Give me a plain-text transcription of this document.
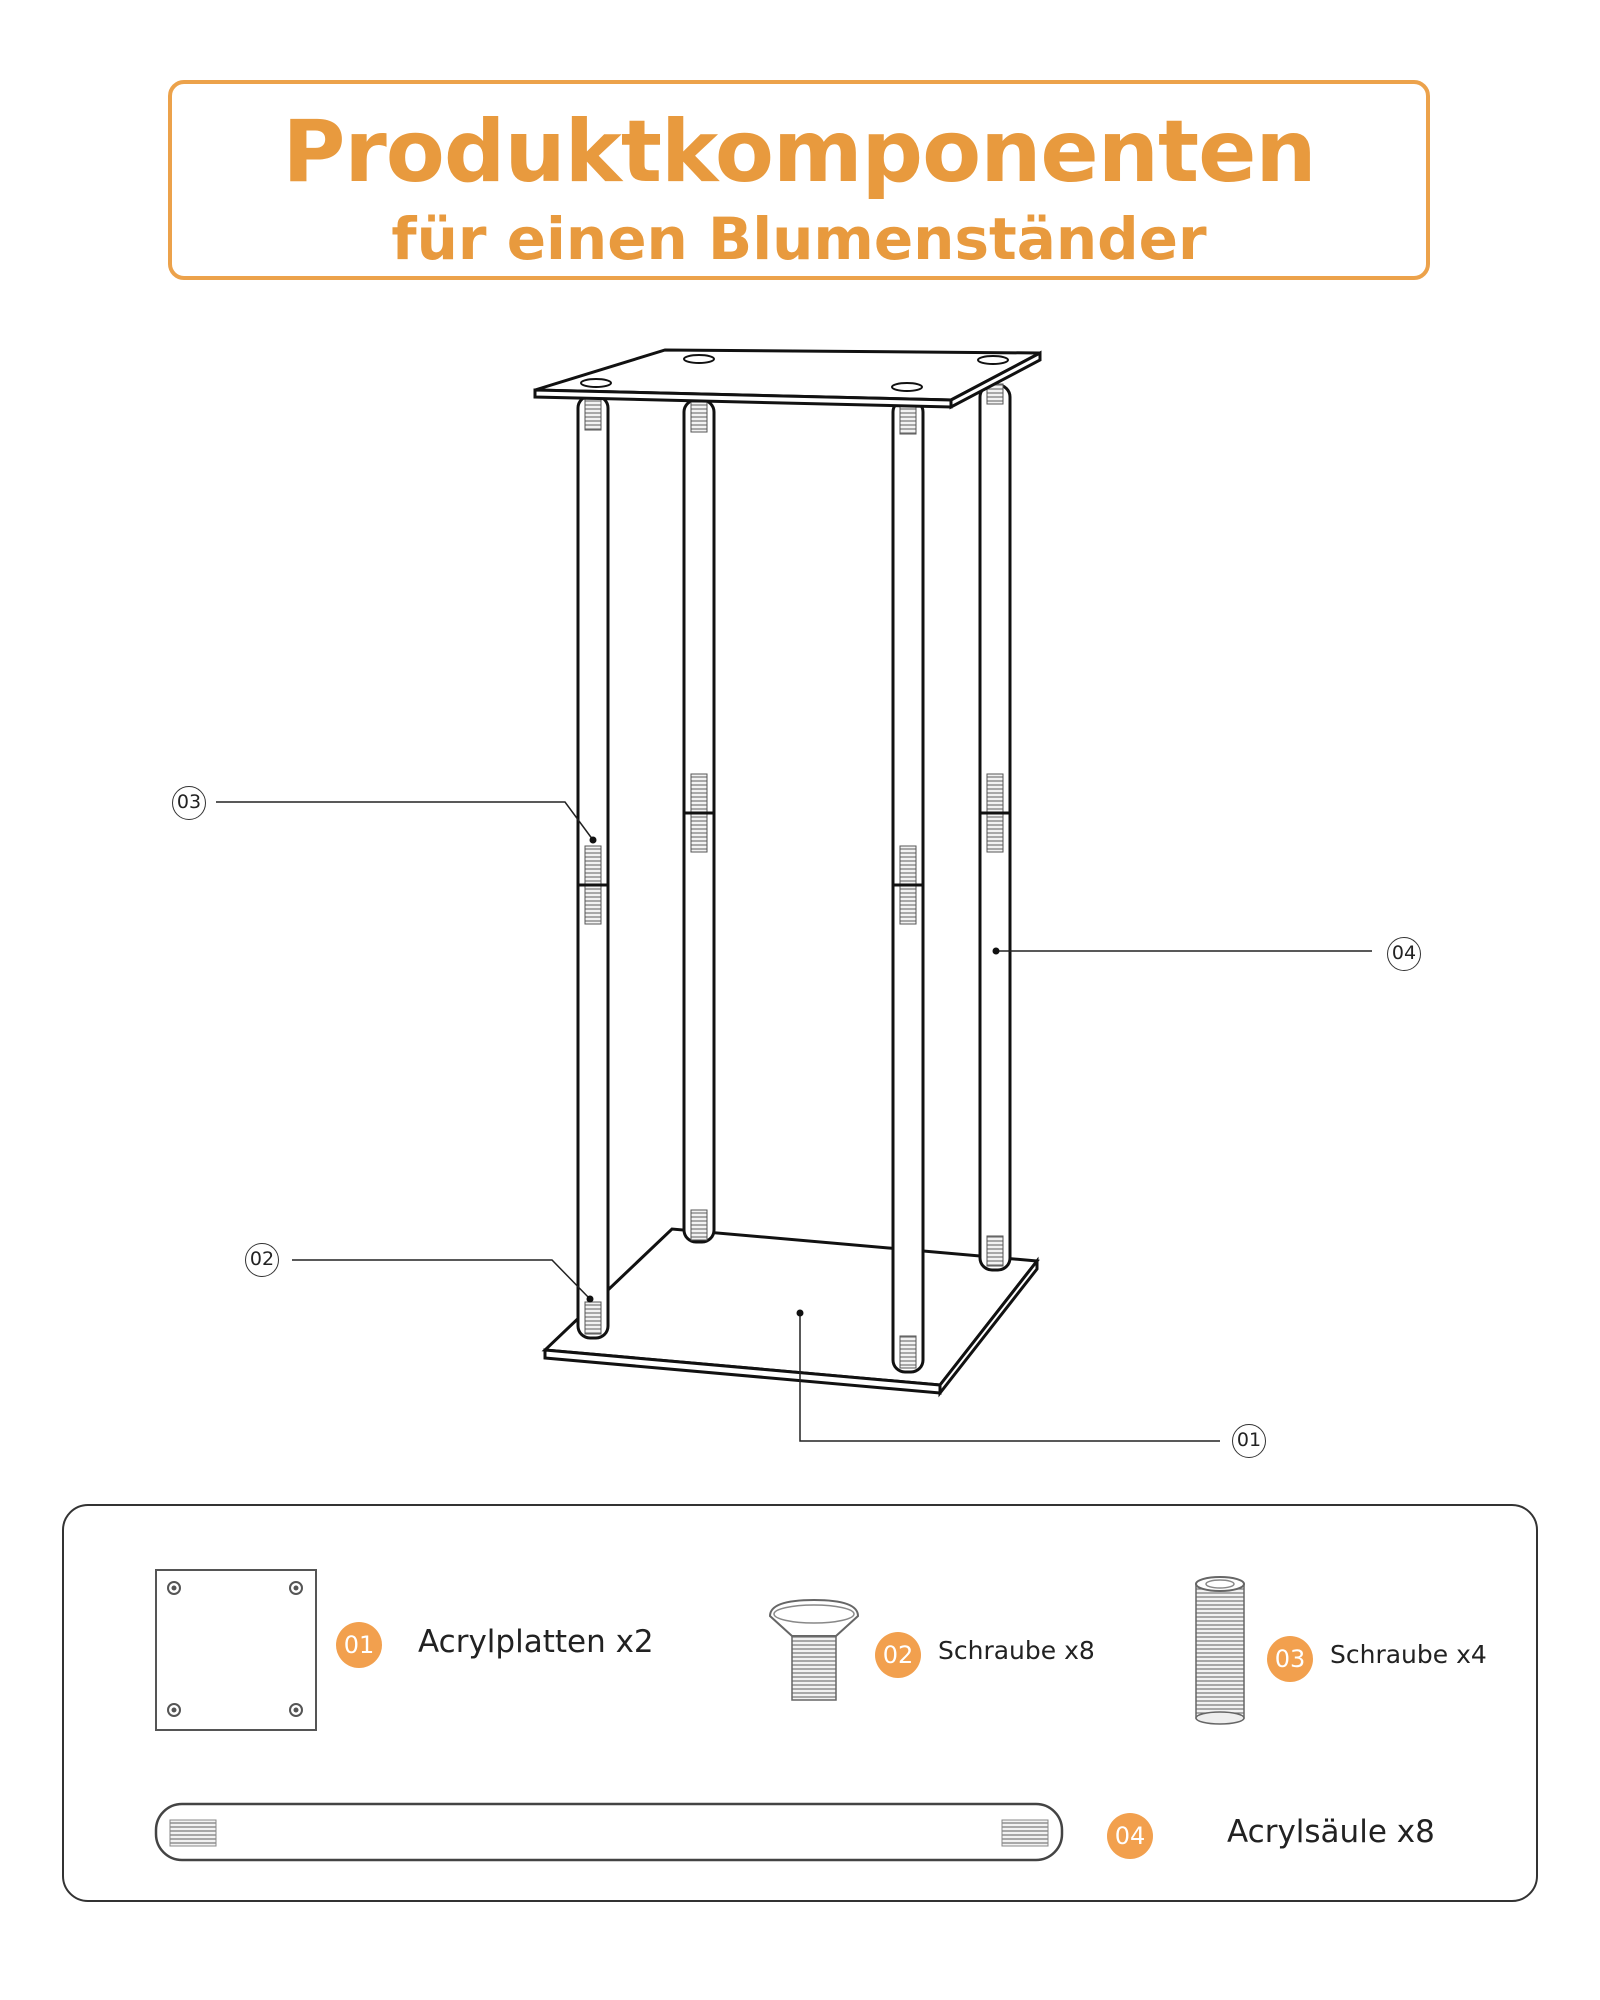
Produktkomponenten
für einen Blumenständer
03
04
02
01
01 Acrylplatten x2	02 Schraube x8	03 Schraube x4
04	Acrylsäule x8
